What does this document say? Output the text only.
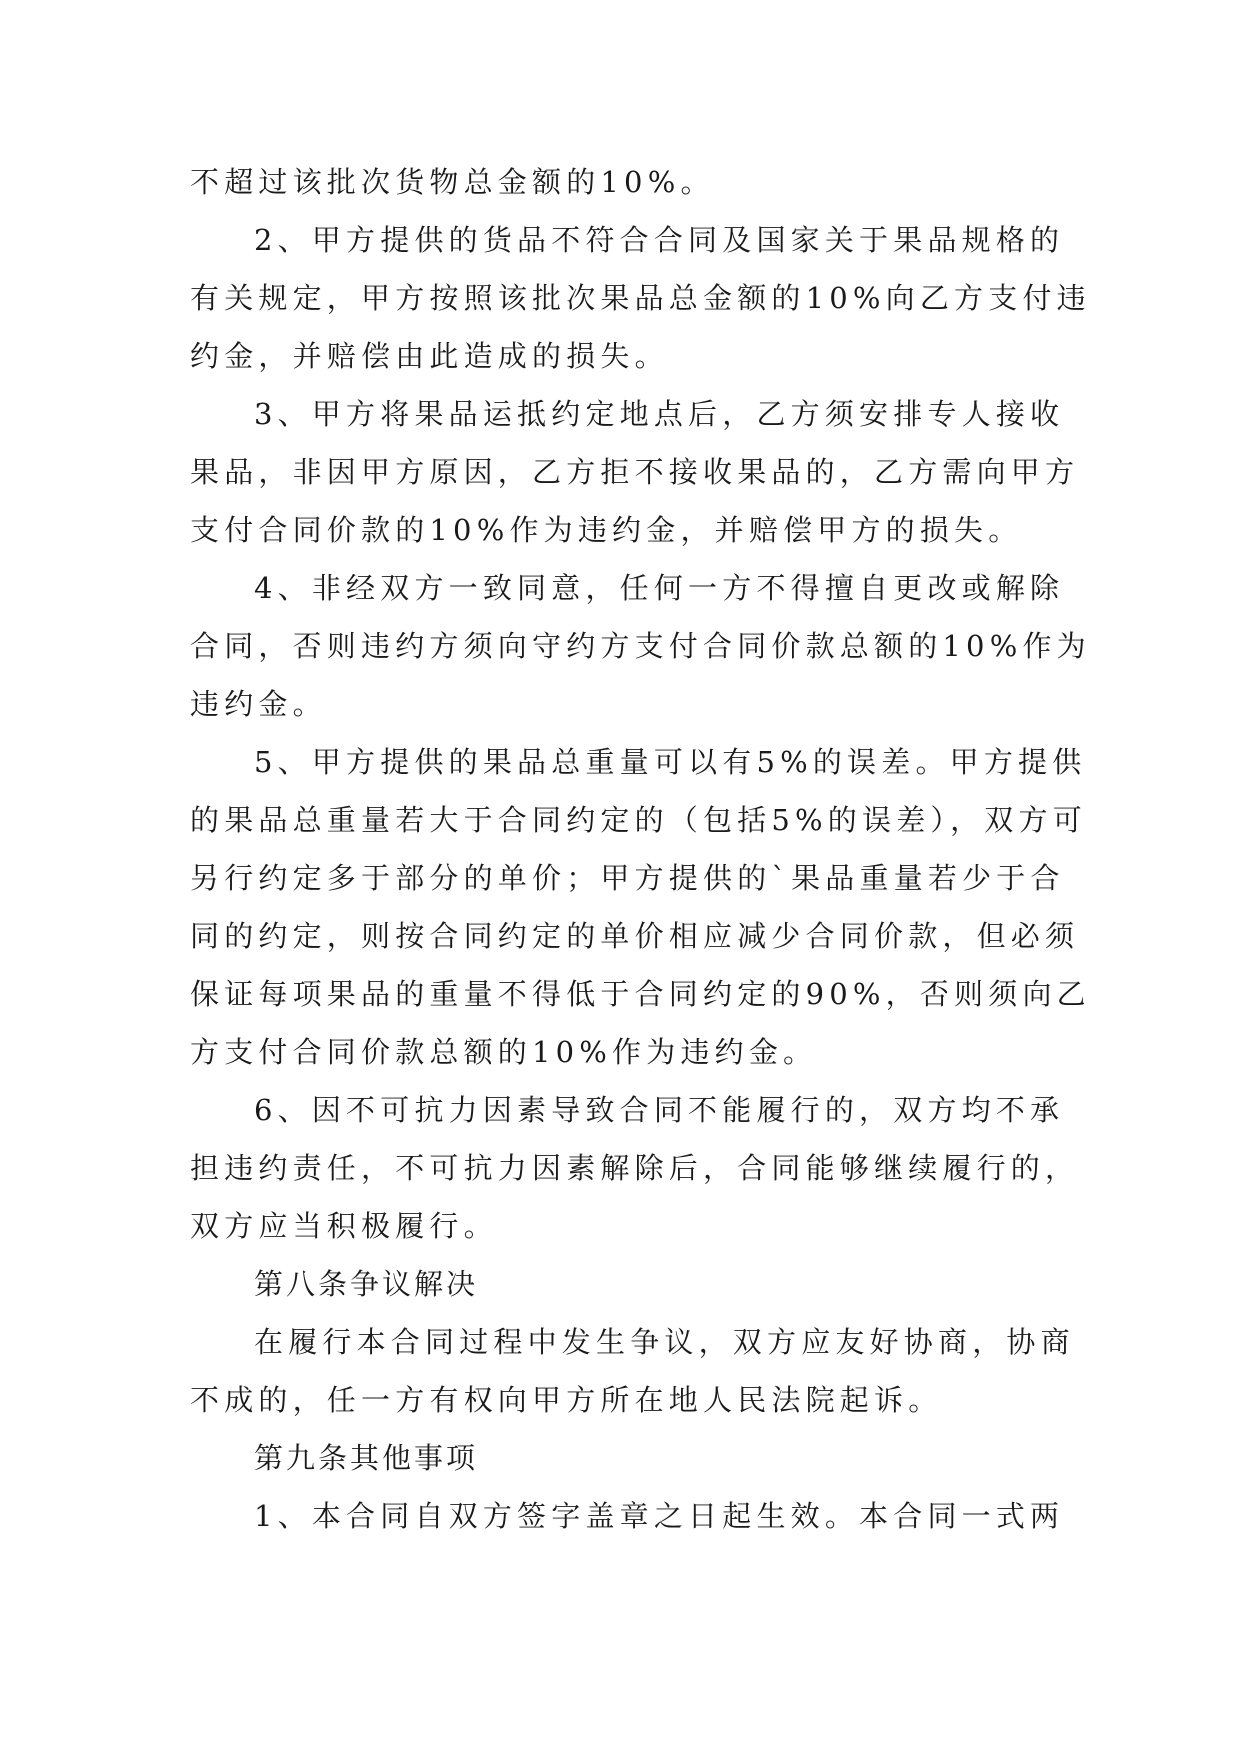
不超过该批次货物总金额的10%。
2、甲方提供的货品不符合合同及国家关于果品规格的
有关规定，甲方按照该批次果品总金额的10%向乙方支付违
约金，并赔偿由此造成的损失。
3、甲方将果品运抵约定地点后，乙方须安排专人接收
果品，非因甲方原因，乙方拒不接收果品的，乙方需向甲方
支付合同价款的10%作为违约金，并赔偿甲方的损失。
4、非经双方一致同意，任何一方不得擅自更改或解除
合同，否则违约方须向守约方支付合同价款总额的10%作为
违约金。
5、甲方提供的果品总重量可以有5%的误差。甲方提供
的果品总重量若大于合同约定的（包括5%的误差），双方可
另行约定多于部分的单价；甲方提供的`果品重量若少于合
同的约定，则按合同约定的单价相应减少合同价款，但必须
保证每项果品的重量不得低于合同约定的90%，否则须向乙
方支付合同价款总额的10%作为违约金。
6、因不可抗力因素导致合同不能履行的，双方均不承
担违约责任，不可抗力因素解除后，合同能够继续履行的，
双方应当积极履行。
第八条争议解决
在履行本合同过程中发生争议，双方应友好协商，协商
不成的，任一方有权向甲方所在地人民法院起诉。
第九条其他事项
1、本合同自双方签字盖章之日起生效。本合同一式两
